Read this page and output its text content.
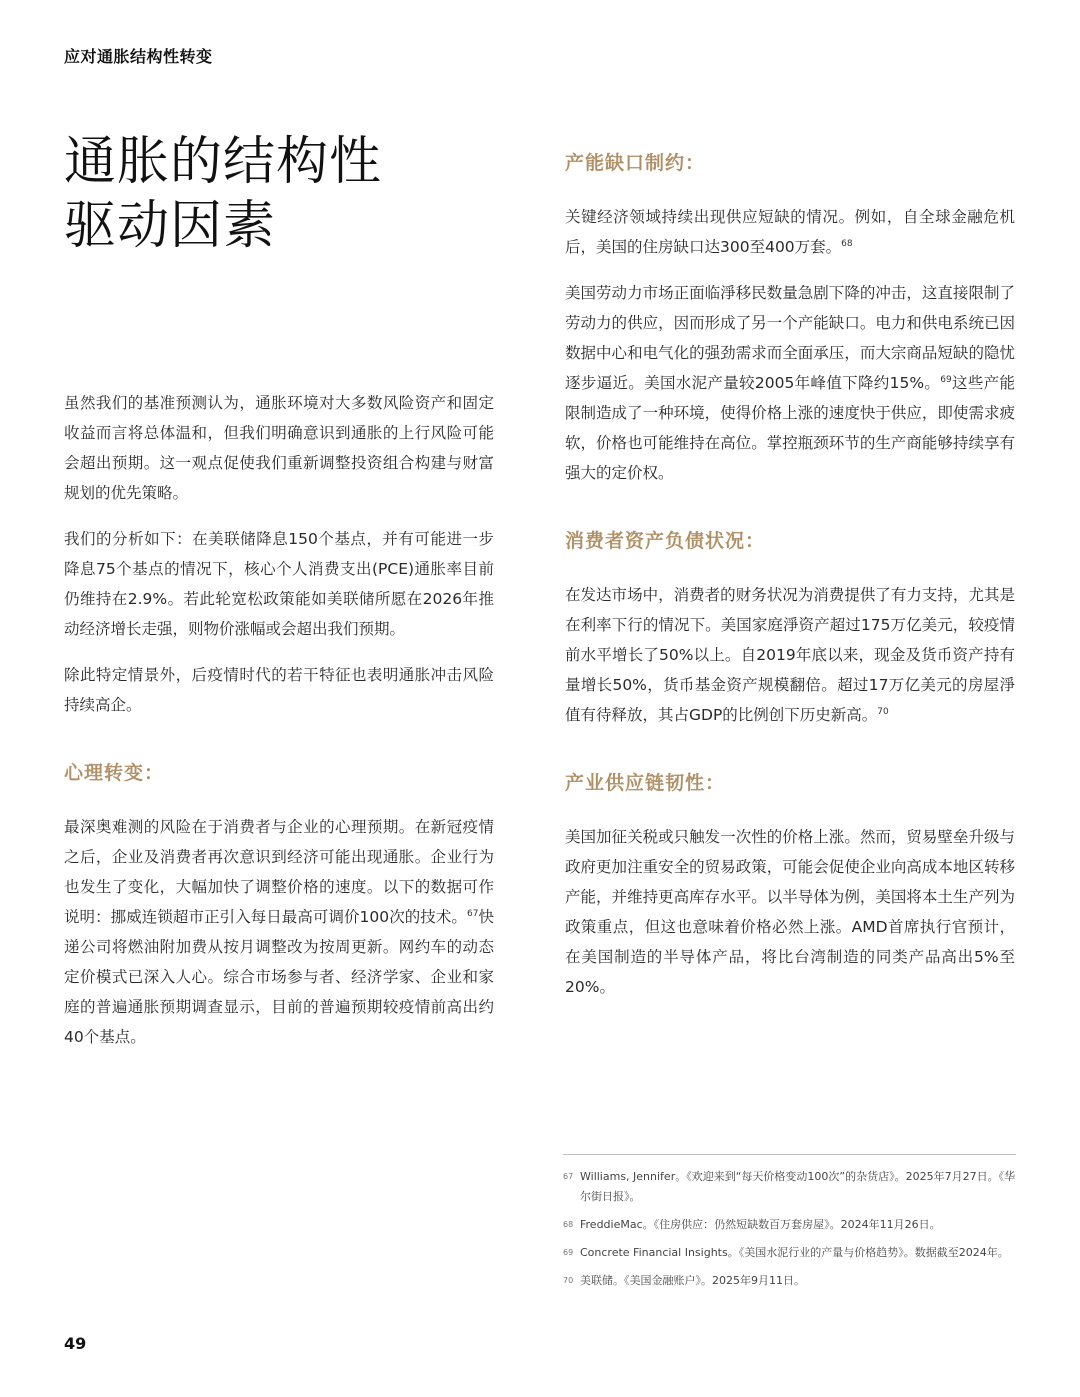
应对通胀结构性转变
通胀的结构性
驱动因素

虽然我们的基准预测认为，通胀环境对大多数风险资产和固定收益而言将总体温和，但我们明确意识到通胀的上行风险可能会超出预期。这一观点促使我们重新调整投资组合构建与财富规划的优先策略。

我们的分析如下：在美联储降息150个基点，并有可能进一步降息75个基点的情况下，核心个人消费支出(PCE)通胀率目前仍维持在2.9%。若此轮宽松政策能如美联储所愿在2026年推动经济增长走强，则物价涨幅或会超出我们预期。

除此特定情景外，后疫情时代的若干特征也表明通胀冲击风险持续高企。

心理转变：

最深奥难测的风险在于消费者与企业的心理预期。在新冠疫情之后，企业及消费者再次意识到经济可能出现通胀。企业行为也发生了变化，大幅加快了调整价格的速度。以下的数据可作说明：挪威连锁超市正引入每日最高可调价100次的技术。$^{67}$快递公司将燃油附加费从按月调整改为按周更新。网约车的动态定价模式已深入人心。综合市场参与者、经济学家、企业和家庭的普遍通胀预期调查显示，目前的普遍预期较疫情前高出约40个基点。

产能缺口制约：

关键经济领域持续出现供应短缺的情况。例如，自全球金融危机后，美国的住房缺口达300至400万套。$^{68}$

美国劳动力市场正面临淨移民数量急剧下降的冲击，这直接限制了劳动力的供应，因而形成了另一个产能缺口。电力和供电系统已因数据中心和电气化的强劲需求而全面承压，而大宗商品短缺的隐忧逐步逼近。美国水泥产量较2005年峰值下降约15%。$^{69}$这些产能限制造成了一种环境，使得价格上涨的速度快于供应，即使需求疲软，价格也可能维持在高位。掌控瓶颈环节的生产商能够持续享有强大的定价权。

消费者资产负债状况：

在发达市场中，消费者的财务状况为消费提供了有力支持，尤其是在利率下行的情况下。美国家庭淨资产超过175万亿美元，较疫情前水平增长了50%以上。自2019年底以来，现金及货币资产持有量增长50%，货币基金资产规模翻倍。超过17万亿美元的房屋淨值有待释放，其占GDP的比例创下历史新高。$^{70}$

产业供应链韧性：

美国加征关税或只触发一次性的价格上涨。然而，贸易壁垒升级与政府更加注重安全的贸易政策，可能会促使企业向高成本地区转移产能，并维持更高库存水平。以半导体为例，美国将本土生产列为政策重点，但这也意味着价格必然上涨。AMD首席执行官预计，在美国制造的半导体产品，将比台湾制造的同类产品高出5%至20%。

67 Williams, Jennifer。《欢迎来到“每天价格变动100次”的杂货店》。2025年7月27日。《华尔街日报》。
68 FreddieMac。《住房供应：仍然短缺数百万套房屋》。2024年11月26日。
69 Concrete Financial Insights。《美国水泥行业的产量与价格趋势》。数据截至2024年。
70 美联储。《美国金融账户》。2025年9月11日。
49
